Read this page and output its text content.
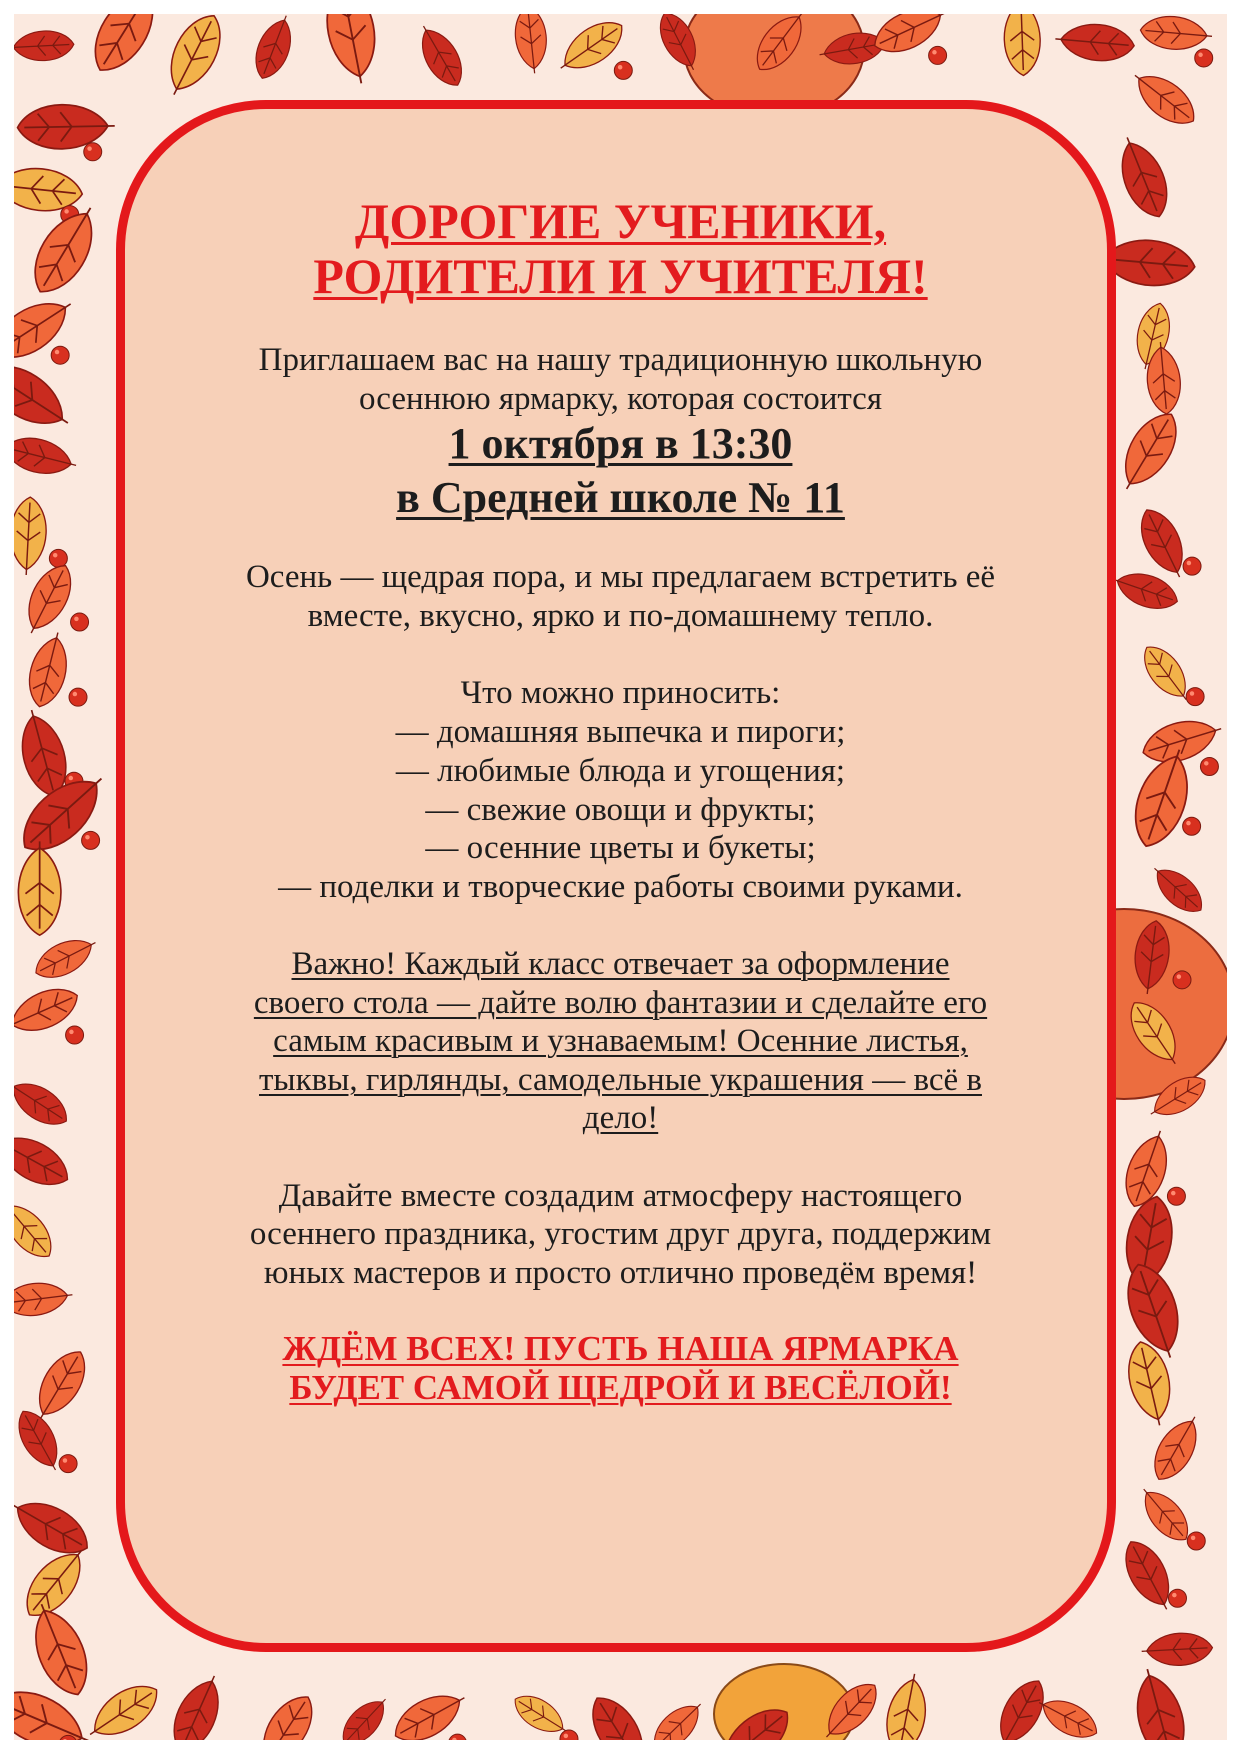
ДОРОГИЕ УЧЕНИКИ,
РОДИТЕЛИ И УЧИТЕЛЯ!
Приглашаем вас на нашу традиционную школьную
осеннюю ярмарку, которая состоится
1 октября в 13:30
в Средней школе № 11
Осень — щедрая пора, и мы предлагаем встретить её
вместе, вкусно, ярко и по-домашнему тепло.
Что можно приносить:
— домашняя выпечка и пироги;
— любимые блюда и угощения;
— свежие овощи и фрукты;
— осенние цветы и букеты;
— поделки и творческие работы своими руками.
Важно! Каждый класс отвечает за оформление
своего стола — дайте волю фантазии и сделайте его
самым красивым и узнаваемым! Осенние листья,
тыквы, гирлянды, самодельные украшения — всё в
дело!
Давайте вместе создадим атмосферу настоящего
осеннего праздника, угостим друг друга, поддержим
юных мастеров и просто отлично проведём время!
ЖДЁМ ВСЕХ! ПУСТЬ НАША ЯРМАРКА
БУДЕТ САМОЙ ЩЕДРОЙ И ВЕСЁЛОЙ!
